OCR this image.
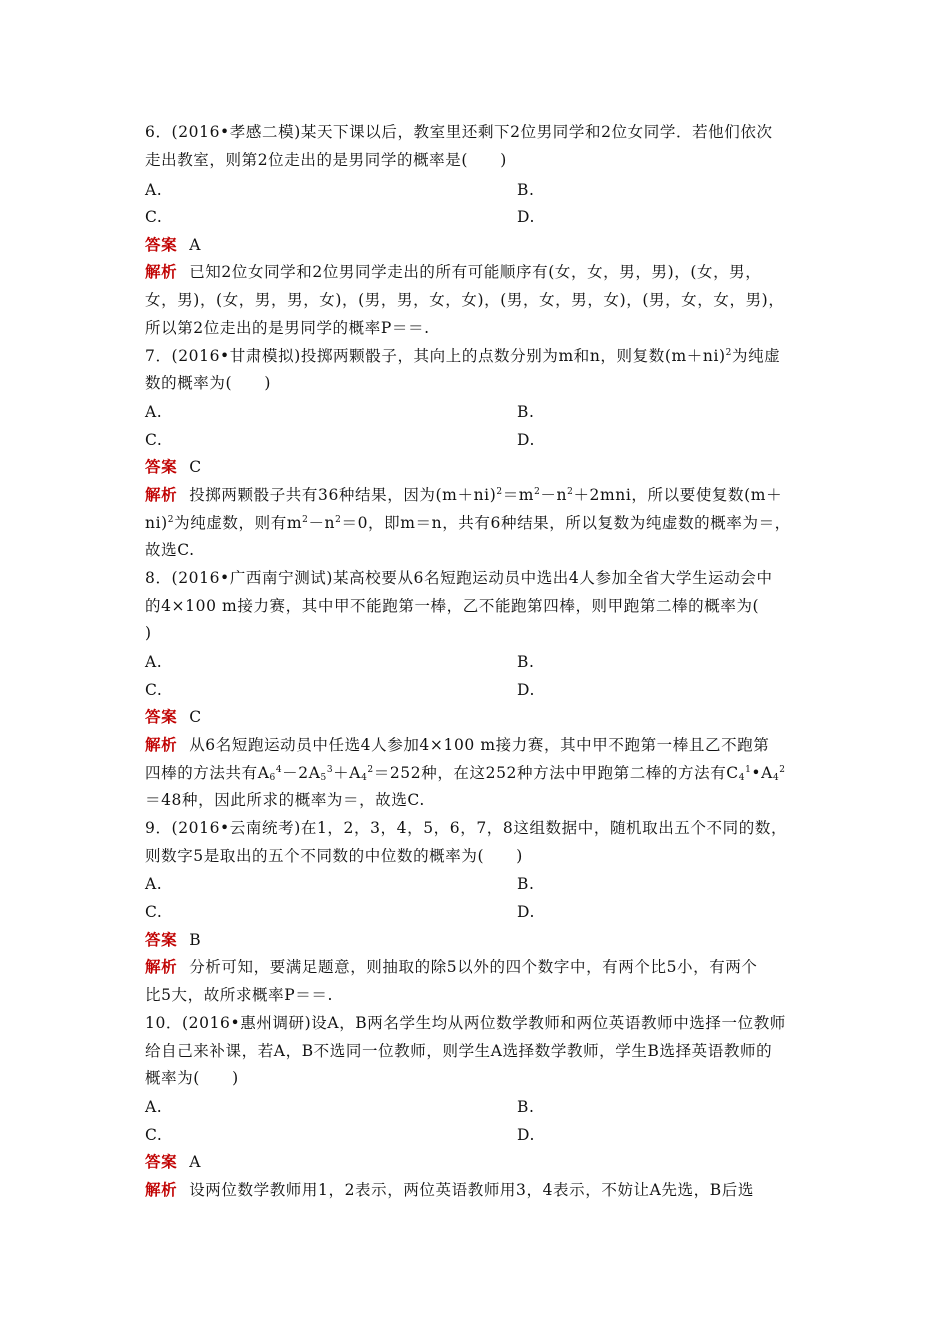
6．(2016•孝感二模)某天下课以后，教室里还剩下2位男同学和2位女同学．若他们依次
走出教室，则第2位走出的是男同学的概率是(　　)
A.	B.
C.	D.
答案 A
解析 已知2位女同学和2位男同学走出的所有可能顺序有(女，女，男，男)，(女，男，
女，男)，(女，男，男，女)，(男，男，女，女)，(男，女，男，女)，(男，女，女，男)，
所以第2位走出的是男同学的概率P＝＝.
7．(2016•甘肃模拟)投掷两颗骰子，其向上的点数分别为m和n，则复数$(m+ni)^2$为纯虚
数的概率为(　　)
A.	B.
C.	D.
答案 C
解析 投掷两颗骰子共有36种结果，因为$(m+ni)^2=m^2-n^2+2mni$，所以要使复数(m＋
ni)$^2$为纯虚数，则有$m^2-n^2=0$，即m＝n，共有6种结果，所以复数为纯虚数的概率为＝，
故选C.
8．(2016•广西南宁测试)某高校要从6名短跑运动员中选出4人参加全省大学生运动会中
的4×100 m接力赛，其中甲不能跑第一棒，乙不能跑第四棒，则甲跑第二棒的概率为(
)
A.	B.
C.	D.
答案 C
解析 从6名短跑运动员中任选4人参加4×100 m接力赛，其中甲不跑第一棒且乙不跑第
四棒的方法共有$A_6^4-2A_5^3+A_4^2=252$种，在这252种方法中甲跑第二棒的方法有$C_4^1•A_4^2$
＝48种，因此所求的概率为＝，故选C.
9．(2016•云南统考)在1，2，3，4，5，6，7，8这组数据中，随机取出五个不同的数，
则数字5是取出的五个不同数的中位数的概率为(　　)
A.	B.
C.	D.
答案 B
解析 分析可知，要满足题意，则抽取的除5以外的四个数字中，有两个比5小，有两个
比5大，故所求概率P＝＝.
10．(2016•惠州调研)设A，B两名学生均从两位数学教师和两位英语教师中选择一位教师
给自己来补课，若A，B不选同一位教师，则学生A选择数学教师，学生B选择英语教师的
概率为(　　)
A.	B.
C.	D.
答案 A
解析 设两位数学教师用1，2表示，两位英语教师用3，4表示，不妨让A先选，B后选
